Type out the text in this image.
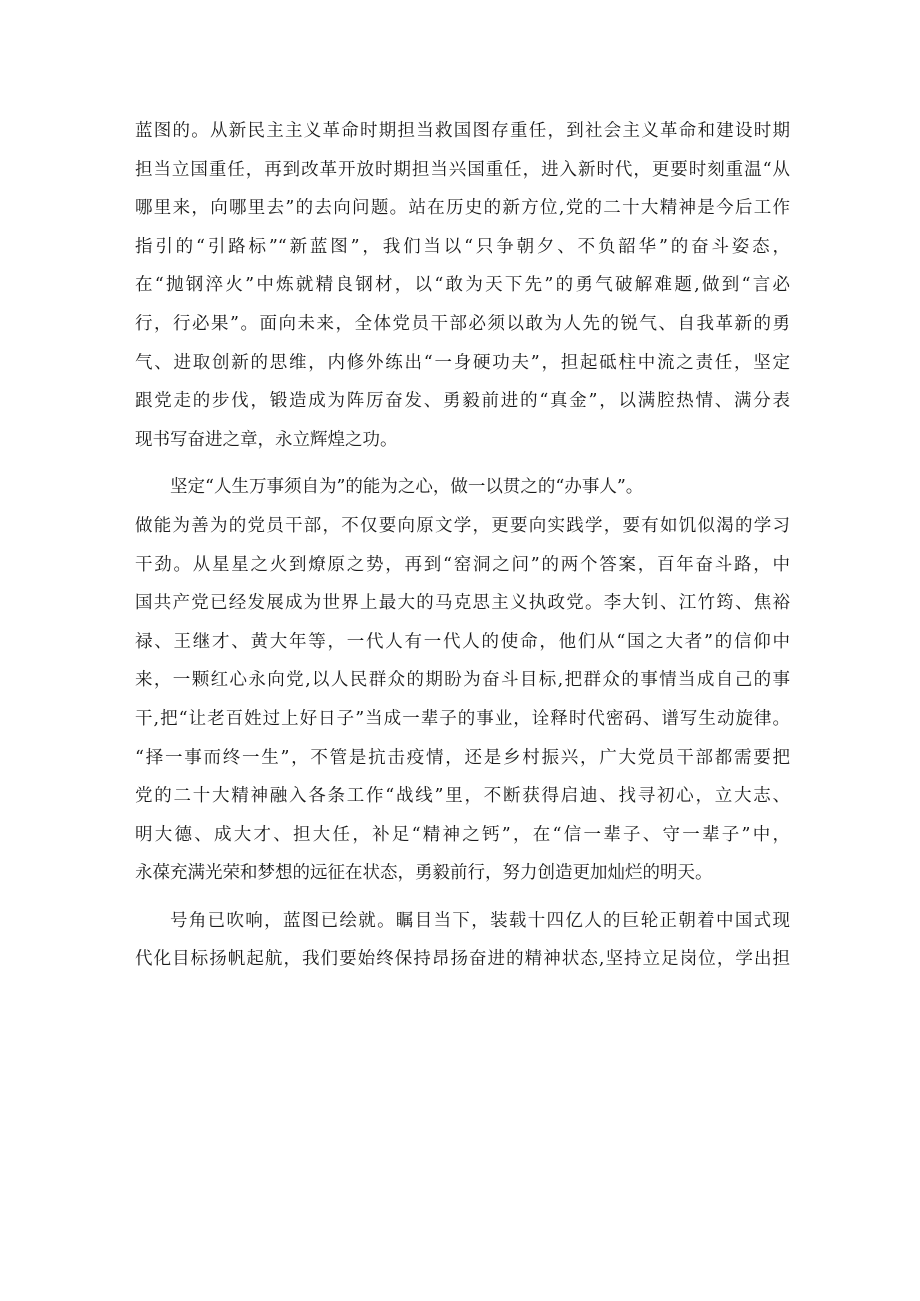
蓝图的。从新民主主义革命时期担当救国图存重任，到社会主义革命和建设时期
担当立国重任，再到改革开放时期担当兴国重任，进入新时代，更要时刻重温“从
哪里来，向哪里去”的去向问题。站在历史的新方位,党的二十大精神是今后工作
指引的“引路标”“新蓝图”，我们当以“只争朝夕、不负韶华”的奋斗姿态，
在“抛钢淬火”中炼就精良钢材，以“敢为天下先”的勇气破解难题,做到“言必
行，行必果”。面向未来，全体党员干部必须以敢为人先的锐气、自我革新的勇
气、进取创新的思维，内修外练出“一身硬功夫”，担起砥柱中流之责任，坚定
跟党走的步伐，锻造成为阵厉奋发、勇毅前进的“真金”，以满腔热情、满分表
现书写奋进之章，永立辉煌之功。
坚定“人生万事须自为”的能为之心，做一以贯之的“办事人”。
做能为善为的党员干部，不仅要向原文学，更要向实践学，要有如饥似渴的学习
干劲。从星星之火到燎原之势，再到“窑洞之问”的两个答案，百年奋斗路，中
国共产党已经发展成为世界上最大的马克思主义执政党。李大钊、江竹筠、焦裕
禄、王继才、黄大年等，一代人有一代人的使命，他们从“国之大者”的信仰中
来，一颗红心永向党,以人民群众的期盼为奋斗目标,把群众的事情当成自己的事
干,把“让老百姓过上好日子”当成一辈子的事业，诠释时代密码、谱写生动旋律。
“择一事而终一生”，不管是抗击疫情，还是乡村振兴，广大党员干部都需要把
党的二十大精神融入各条工作“战线”里，不断获得启迪、找寻初心，立大志、
明大德、成大才、担大任，补足“精神之钙”，在“信一辈子、守一辈子”中，
永葆充满光荣和梦想的远征在状态，勇毅前行，努力创造更加灿烂的明天。
号角已吹响，蓝图已绘就。瞩目当下，装载十四亿人的巨轮正朝着中国式现
代化目标扬帆起航，我们要始终保持昂扬奋进的精神状态,坚持立足岗位，学出担
